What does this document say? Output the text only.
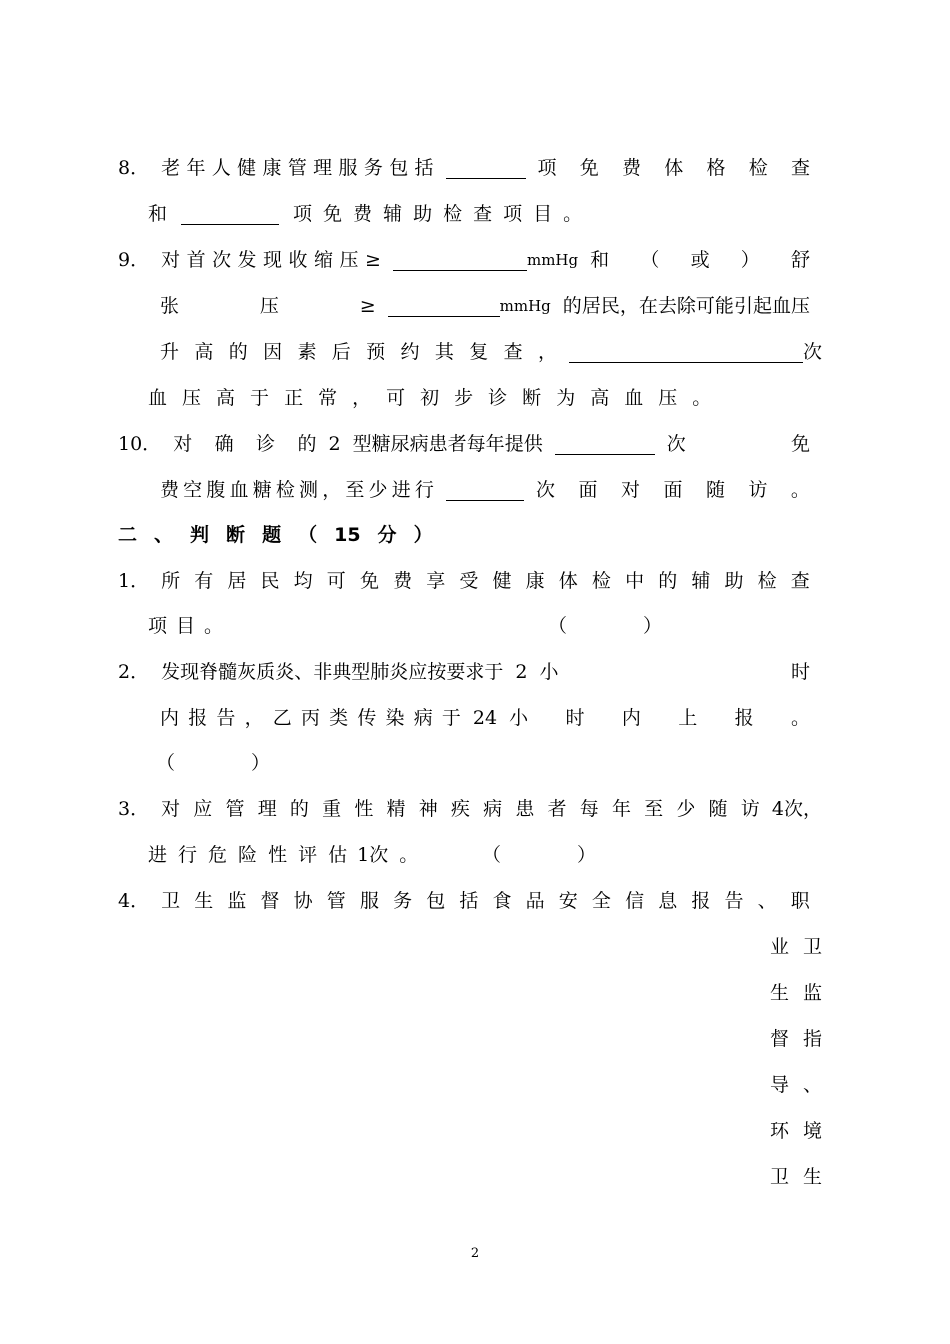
8． 老 年 人 健 康 管 理 服 务 包 括	项 免 费 体 格 检 查
和	项 免 费 辅 助 检 查 项 目 。
9． 对 首 次 发 现 收 缩 压 ≥	mmHg 和 （ 或 ） 舒
张	压	≥	mmHg 的 居 民 ， 在 去 除 可 能 引 起 血 压
升 高 的 因 素 后 预 约 其 复 查 ，	次
血 压 高 于 正 常 ， 可 初 步 诊 断 为 高 血 压 。
10． 对 确 诊 的 2 型 糖 尿 病 患 者 每 年 提 供	次	免
费 空 腹 血 糖 检 测 ， 至 少 进 行	次 面 对 面 随 访 。
二 、 判 断 题 （ 15 分 ）
1． 所 有 居 民 均 可 免 费 享 受 健 康 体 检 中 的 辅 助 检 查
项 目 。	（　　　　）
2． 发 现 脊 髓 灰 质 炎 、 非 典 型 肺 炎 应 按 要 求 于 2 小	时
内 报 告 ， 乙 丙 类 传 染 病 于 24 小 时 内 上 报 。
（　　　　）
3． 对 应 管 理 的 重 性 精 神 疾 病 患 者 每 年 至 少 随 访 4 次，
进 行 危 险 性 评 估 1 次 。	（　　　　）
4． 卫 生 监 督 协 管 服 务 包 括 食 品 安 全 信 息 报 告 、 职
业 卫
生 监
督 指
导 、
环 境
卫 生
2
